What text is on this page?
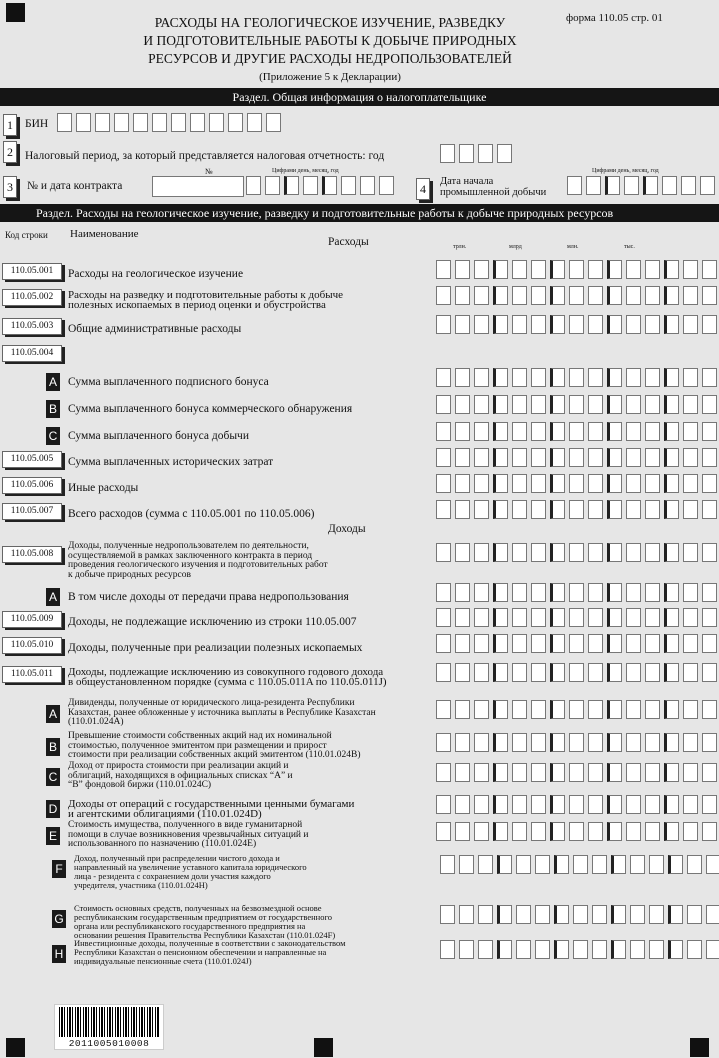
РАСХОДЫ НА ГЕОЛОГИЧЕСКОЕ ИЗУЧЕНИЕ, РАЗВЕДКУ
И ПОДГОТОВИТЕЛЬНЫЕ РАБОТЫ К ДОБЫЧЕ ПРИРОДНЫХ
РЕСУРСОВ И ДРУГИЕ РАСХОДЫ НЕДРОПОЛЬЗОВАТЕЛЕЙ
(Приложение 5 к Декларации)
форма 110.05 стр. 01
Раздел. Общая информация о налогоплательщике
1	БИН
2	Налоговый период, за который представляется налоговая отчетность: год
3	№ и дата контракта
№	Цифрами день, месяц, год
4
Дата начала
промышленной добычи
Цифрами день, месяц, год
Раздел. Расходы на геологическое изучение, разведку и подготовительные работы к добыче природных ресурсов
Код строки Наименование
Расходы
Доходы
трлн.	млрд	млн.	тыс.
110.05.001	Расходы на геологическое изучение
110.05.002	Расходы на разведку и подготовительные работы к добыче
полезных ископаемых в период оценки и обустройства
110.05.003	Общие административные расходы
110.05.004
A Сумма выплаченного подписного бонуса
B Сумма выплаченного бонуса коммерческого обнаружения
C Сумма выплаченного бонуса добычи
110.05.005	Сумма выплаченных исторических затрат
110.05.006	Иные расходы
110.05.007	Всего расходов (сумма с 110.05.001 по 110.05.006)
110.05.008
Доходы, полученные недропользователем по деятельности,
осуществляемой в рамках заключенного контракта в период
проведения геологического изучения и подготовительных работ
к добыче природных ресурсов
A В том числе доходы от передачи права недропользования
110.05.009	Доходы, не подлежащие исключению из строки 110.05.007
110.05.010	Доходы, полученные при реализации полезных ископаемых
110.05.011	Доходы, подлежащие исключению из совокупного годового дохода
в общеустановленном порядке (сумма с 110.05.011A по 110.05.011J)
A
Дивиденды, полученные от юридического лица-резидента Республики
Казахстан, ранее обложенные у источника выплаты в Республике Казахстан
(110.01.024А)
B
Превышение стоимости собственных акций над их номинальной
стоимостью, полученное эмитентом при размещении и прирост
стоимости при реализации собственных акций эмитентом (110.01.024В)
C
Доход от прироста стоимости при реализации акций и
облигаций, находящихся в официальных списках “А” и
“В” фондовой биржи (110.01.024С)
D Доходы от операций с государственными ценными бумагами
и агентскими облигациями (110.01.024D)
E
Стоимость имущества, полученного в виде гуманитарной
помощи в случае возникновения чрезвычайных ситуаций и
использованного по назначению (110.01.024E)
F
Доход, полученный при распределении чистого дохода и
направленный на увеличение уставного капитала юридического
лица - резидента с сохранением доли участия каждого
учредителя, участника (110.01.024H)
G
Стоимость основных средств, полученных на безвозмездной основе
республиканским государственным предприятием от государственного
органа или республиканского государственного предприятия на
основании решения Правительства Республики Казахстан (110.01.024F)
H
Инвестиционные доходы, полученные в соответствии с законодательством
Республики Казахстан о пенсионном обеспечении и направленные на
индивидуальные пенсионные счета (110.01.024J)
2011005010008
